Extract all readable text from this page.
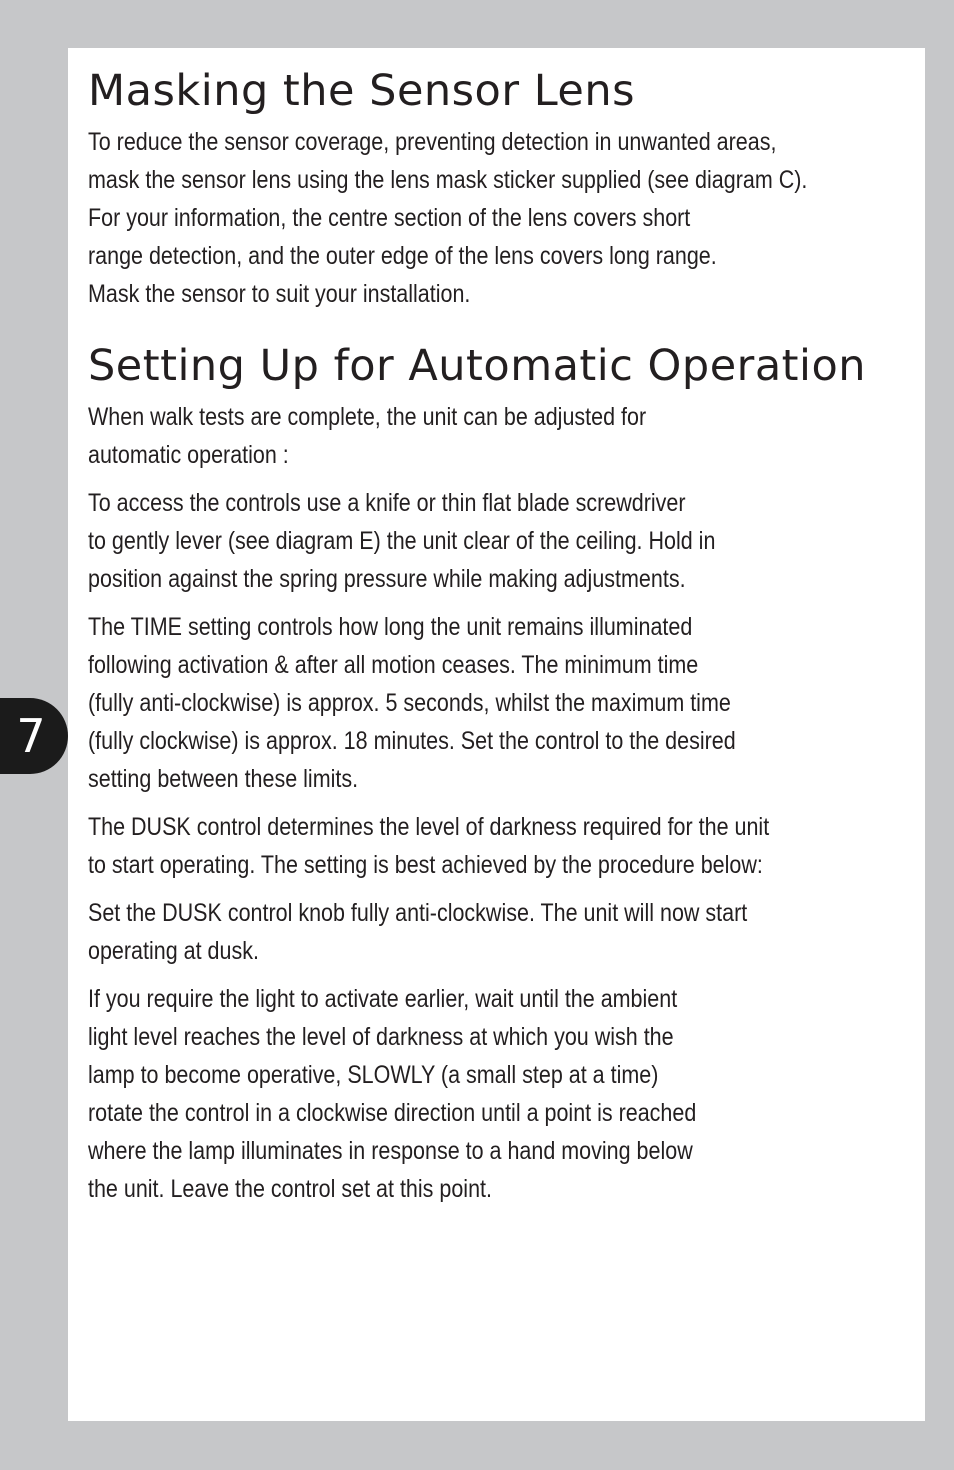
Masking the Sensor Lens

To reduce the sensor coverage, preventing detection in unwanted areas,
mask the sensor lens using the lens mask sticker supplied (see diagram C).
For your information, the centre section of the lens covers short
range detection, and the outer edge of the lens covers long range.
Mask the sensor to suit your installation.

Setting Up for Automatic Operation

When walk tests are complete, the unit can be adjusted for
automatic operation :

To access the controls use a knife or thin flat blade screwdriver
to gently lever (see diagram E) the unit clear of the ceiling. Hold in
position against the spring pressure while making adjustments.

The TIME setting controls how long the unit remains illuminated
following activation & after all motion ceases. The minimum time
(fully anti-clockwise) is approx. 5 seconds, whilst the maximum time
(fully clockwise) is approx. 18 minutes. Set the control to the desired
setting between these limits.

The DUSK control determines the level of darkness required for the unit
to start operating. The setting is best achieved by the procedure below:

Set the DUSK control knob fully anti-clockwise. The unit will now start
operating at dusk.

If you require the light to activate earlier, wait until the ambient
light level reaches the level of darkness at which you wish the
lamp to become operative, SLOWLY (a small step at a time)
rotate the control in a clockwise direction until a point is reached
where the lamp illuminates in response to a hand moving below
the unit. Leave the control set at this point.

7
